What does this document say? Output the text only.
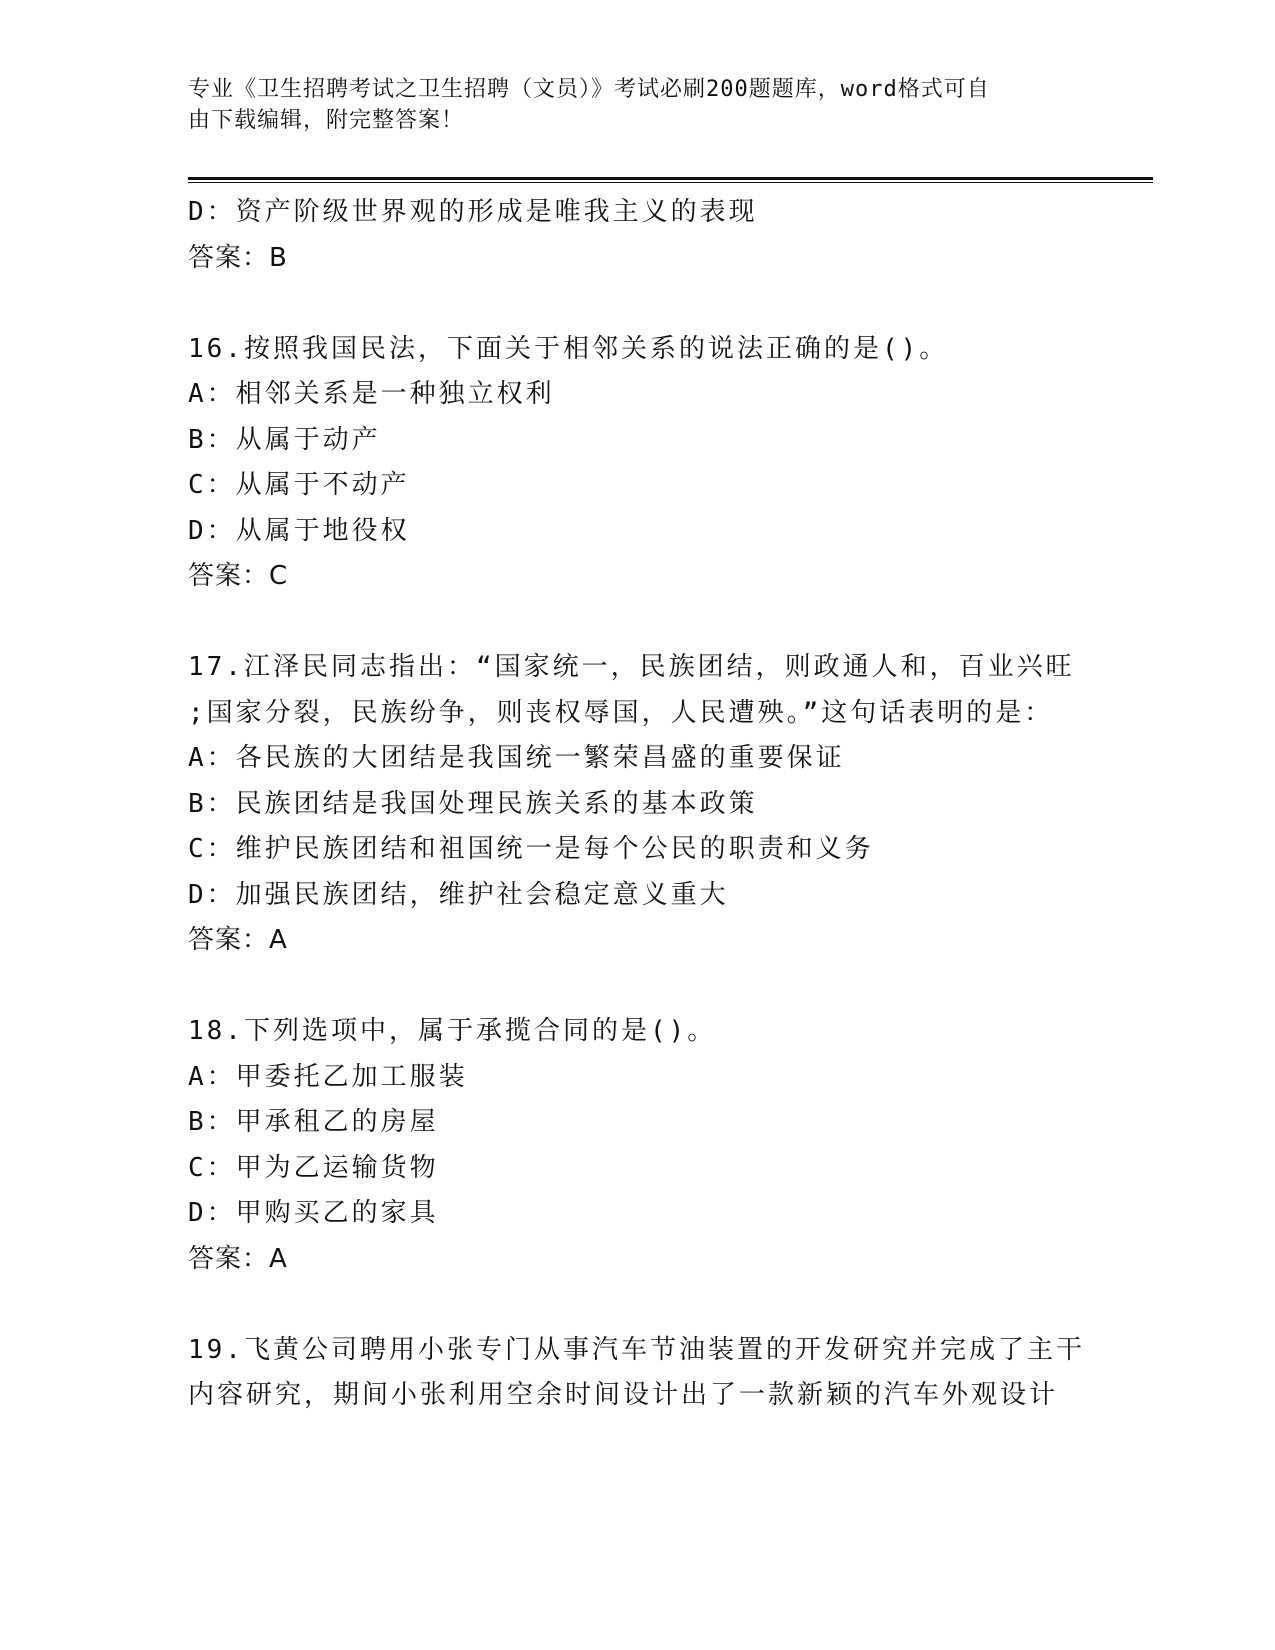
专业《卫生招聘考试之卫生招聘（文员）》考试必刷200题题库，word格式可自
由下载编辑，附完整答案！
D：资产阶级世界观的形成是唯我主义的表现
答案：B
16.按照我国民法，下面关于相邻关系的说法正确的是()。
A：相邻关系是一种独立权利
B：从属于动产
C：从属于不动产
D：从属于地役权
答案：C
17.江泽民同志指出：“国家统一，民族团结，则政通人和，百业兴旺
;国家分裂，民族纷争，则丧权辱国，人民遭殃。”这句话表明的是：
A：各民族的大团结是我国统一繁荣昌盛的重要保证
B：民族团结是我国处理民族关系的基本政策
C：维护民族团结和祖国统一是每个公民的职责和义务
D：加强民族团结，维护社会稳定意义重大
答案：A
18.下列选项中，属于承揽合同的是()。
A：甲委托乙加工服装
B：甲承租乙的房屋
C：甲为乙运输货物
D：甲购买乙的家具
答案：A
19.飞黄公司聘用小张专门从事汽车节油装置的开发研究并完成了主干
内容研究，期间小张利用空余时间设计出了一款新颖的汽车外观设计
